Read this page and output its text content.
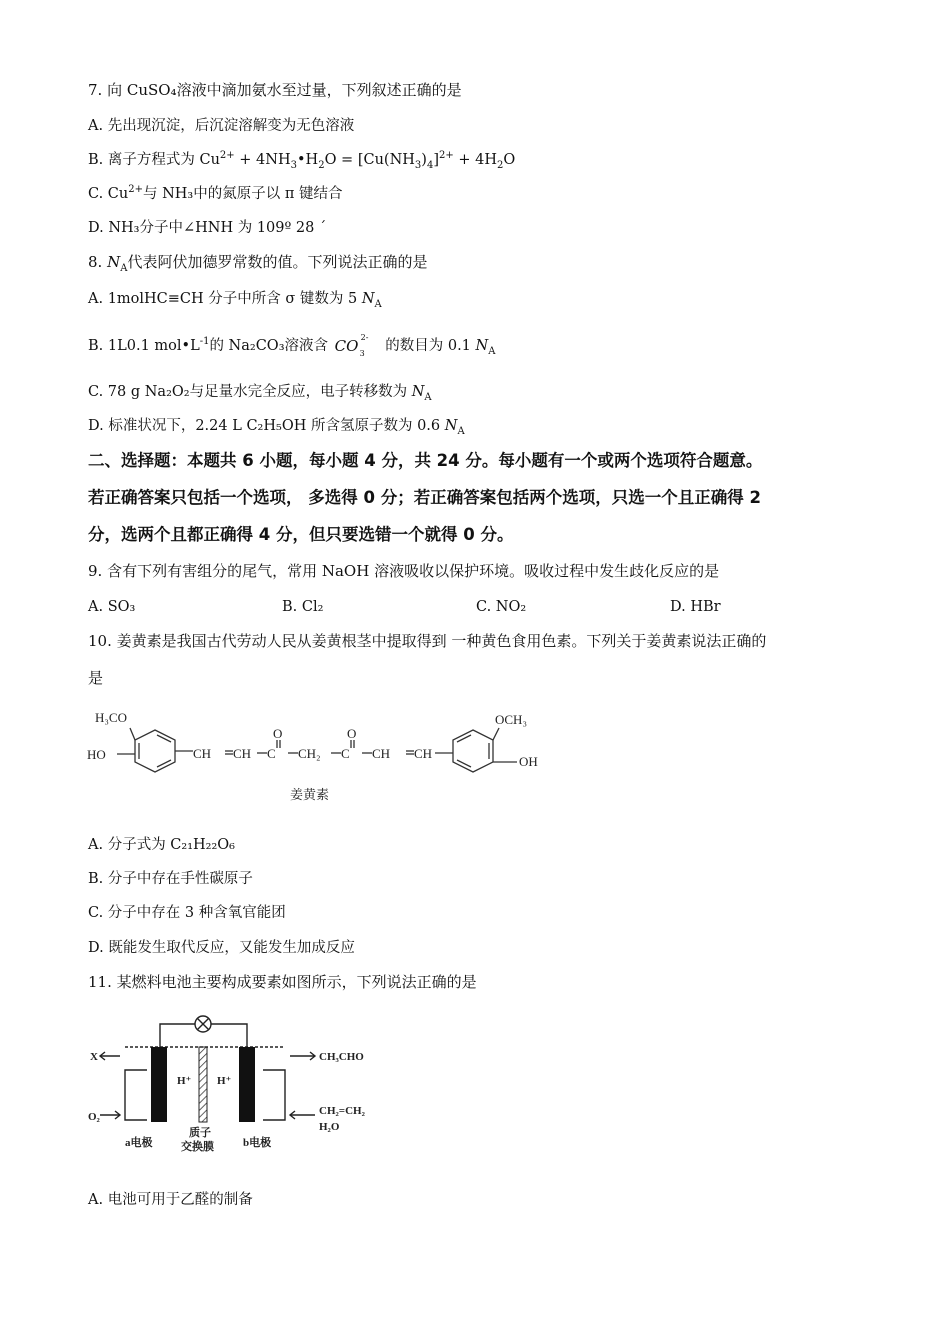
7. 向 CuSO₄溶液中滴加氨水至过量，下列叙述正确的是
A. 先出现沉淀，后沉淀溶解变为无色溶液
B. 离子方程式为 $Cu^{2+}$ + $4NH_3•H_2O = [Cu(NH_3)_4]^{2+} + 4H_2O$
C. $Cu^{2+}$与 NH₃中的氮原子以 π 键结合
D. NH₃分子中∠HNH 为 109º 28 ´
8. $N_A$代表阿伏加德罗常数的值。下列说法正确的是
A. 1molHC≡CH 分子中所含 σ 键数为 5 $N_A$
B. 1L0.1 $mol•L^{-1}$的 Na₂CO₃溶液含 CO 2-
3 的数目为 0.1 $N_A$
C. 78 g Na₂O₂与足量水完全反应，电子转移数为 $N_A$
D. 标准状况下，2.24 L C₂H₅OH 所含氢原子数为 0.6 $N_A$
二、选择题：本题共 6 小题，每小题 4 分，共 24 分。每小题有一个或两个选项符合题意。
若正确答案只包括一个选项， 多选得 0 分；若正确答案包括两个选项，只选一个且正确得 2
分，选两个且都正确得 4 分，但只要选错一个就得 0 分。
9. 含有下列有害组分的尾气，常用 NaOH 溶液吸收以保护环境。吸收过程中发生歧化反应的是
A. SO₃	B. Cl₂	C. NO₂	D. HBr
10. 姜黄素是我国古代劳动人民从姜黄根茎中提取得到 一种黄色食用色素。下列关于姜黄素说法正确的
是
H₃CO
HO	CH CH C
O
CH₂ C
O
CH CH
OCH₃
OH
姜黄素
A. 分子式为 C₂₁H₂₂O₆
B. 分子中存在手性碳原子
C. 分子中存在 3 种含氧官能团
D. 既能发生取代反应，又能发生加成反应
11. 某燃料电池主要构成要素如图所示，下列说法正确的是
X
O₂
CH₃CHO
CH₂=CH₂
H₂O
H⁺ H⁺
a电极
质子
交换膜	b电极
A. 电池可用于乙醛的制备
